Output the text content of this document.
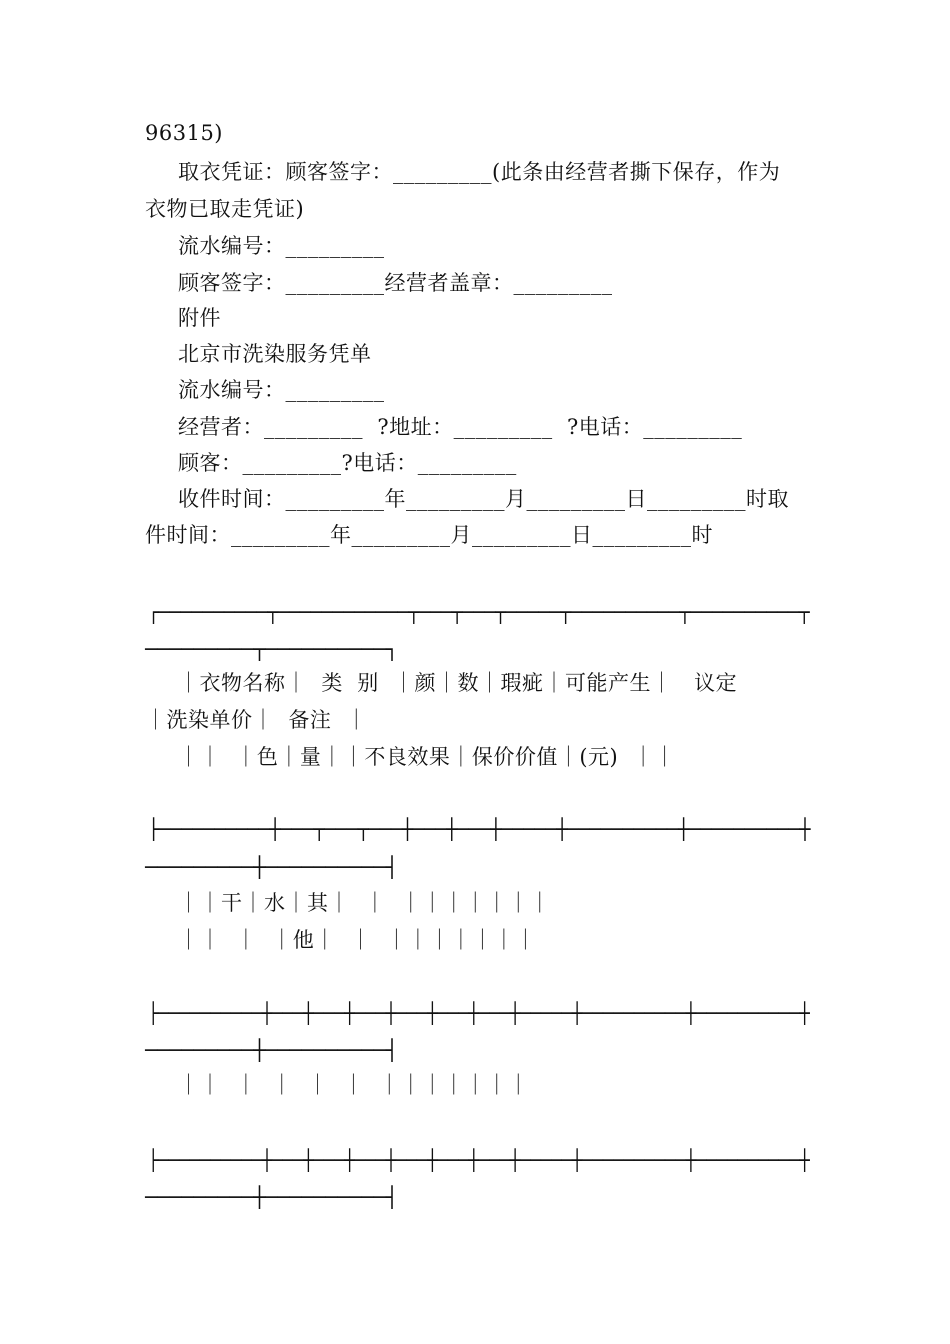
96315)
取衣凭证：顾客签字：_________(此条由经营者撕下保存，作为
衣物已取走凭证)
流水编号：_________
顾客签字：_________经营者盖章：_________
附件
北京市洗染服务凭单
流水编号：_________
经营者：_________  ?地址：_________  ?电话：_________
顾客：_________?电话：_________
收件时间：_________年_________月_________日_________时取
件时间：_________年_________月_________日_________时
┌──────────┬────────────┬───┬───┬─────┬──────────┬──────────┬
─────────┬──────────┐
｜衣物名称｜  类  别  ｜颜｜数｜瑕疵｜可能产生｜   议定
｜洗染单价｜  备注  ｜
｜｜  ｜色｜量｜｜不良效果｜保价价值｜(元)  ｜｜
├──────────┼───┬───┬───┼───┼───┼─────┼──────────┼──────────┼
─────────┼──────────┤
｜｜干｜水｜其｜  ｜  ｜｜｜｜｜｜｜
｜｜  ｜  ｜他｜  ｜  ｜｜｜｜｜｜｜
├──────────┼───┼───┼───┼───┼───┼───┼─────┼──────────┼──────────┼
─────────┼──────────┤
｜｜  ｜  ｜  ｜  ｜  ｜｜｜｜｜｜｜
├──────────┼───┼───┼───┼───┼───┼───┼─────┼──────────┼──────────┼
─────────┼──────────┤
